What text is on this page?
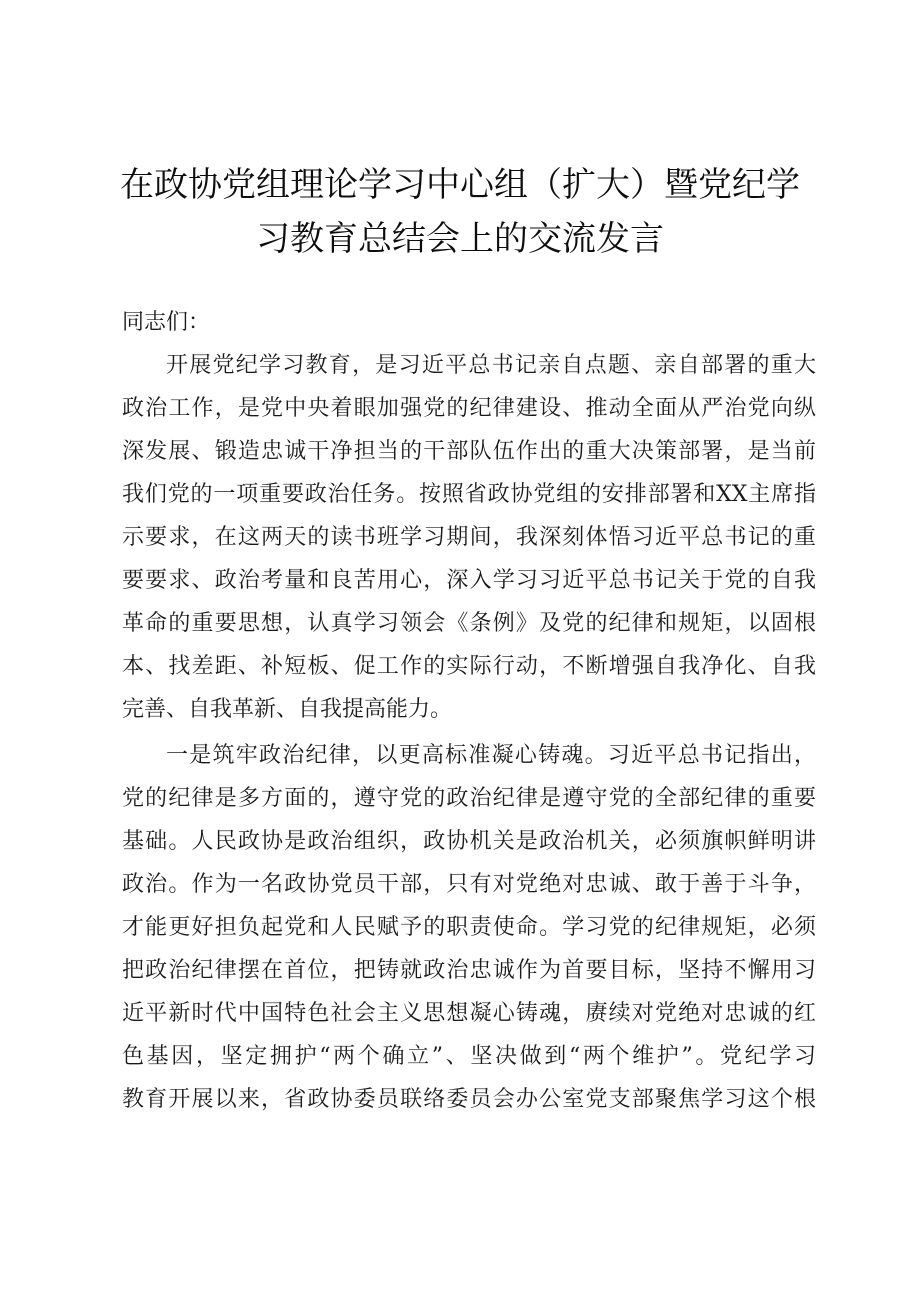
在政协党组理论学习中心组（扩大）暨党纪学
习教育总结会上的交流发言
同志们：
开展党纪学习教育，是习近平总书记亲自点题、亲自部署的重大
政治工作，是党中央着眼加强党的纪律建设、推动全面从严治党向纵
深发展、锻造忠诚干净担当的干部队伍作出的重大决策部署，是当前
我们党的一项重要政治任务。按照省政协党组的安排部署和XX主席指
示要求，在这两天的读书班学习期间，我深刻体悟习近平总书记的重
要要求、政治考量和良苦用心，深入学习习近平总书记关于党的自我
革命的重要思想，认真学习领会《条例》及党的纪律和规矩，以固根
本、找差距、补短板、促工作的实际行动，不断增强自我净化、自我
完善、自我革新、自我提高能力。
一是筑牢政治纪律，以更高标准凝心铸魂。习近平总书记指出，
党的纪律是多方面的，遵守党的政治纪律是遵守党的全部纪律的重要
基础。人民政协是政治组织，政协机关是政治机关，必须旗帜鲜明讲
政治。作为一名政协党员干部，只有对党绝对忠诚、敢于善于斗争，
才能更好担负起党和人民赋予的职责使命。学习党的纪律规矩，必须
把政治纪律摆在首位，把铸就政治忠诚作为首要目标，坚持不懈用习
近平新时代中国特色社会主义思想凝心铸魂，赓续对党绝对忠诚的红
色基因，坚定拥护“两个确立”、坚决做到“两个维护”。党纪学习
教育开展以来，省政协委员联络委员会办公室党支部聚焦学习这个根
